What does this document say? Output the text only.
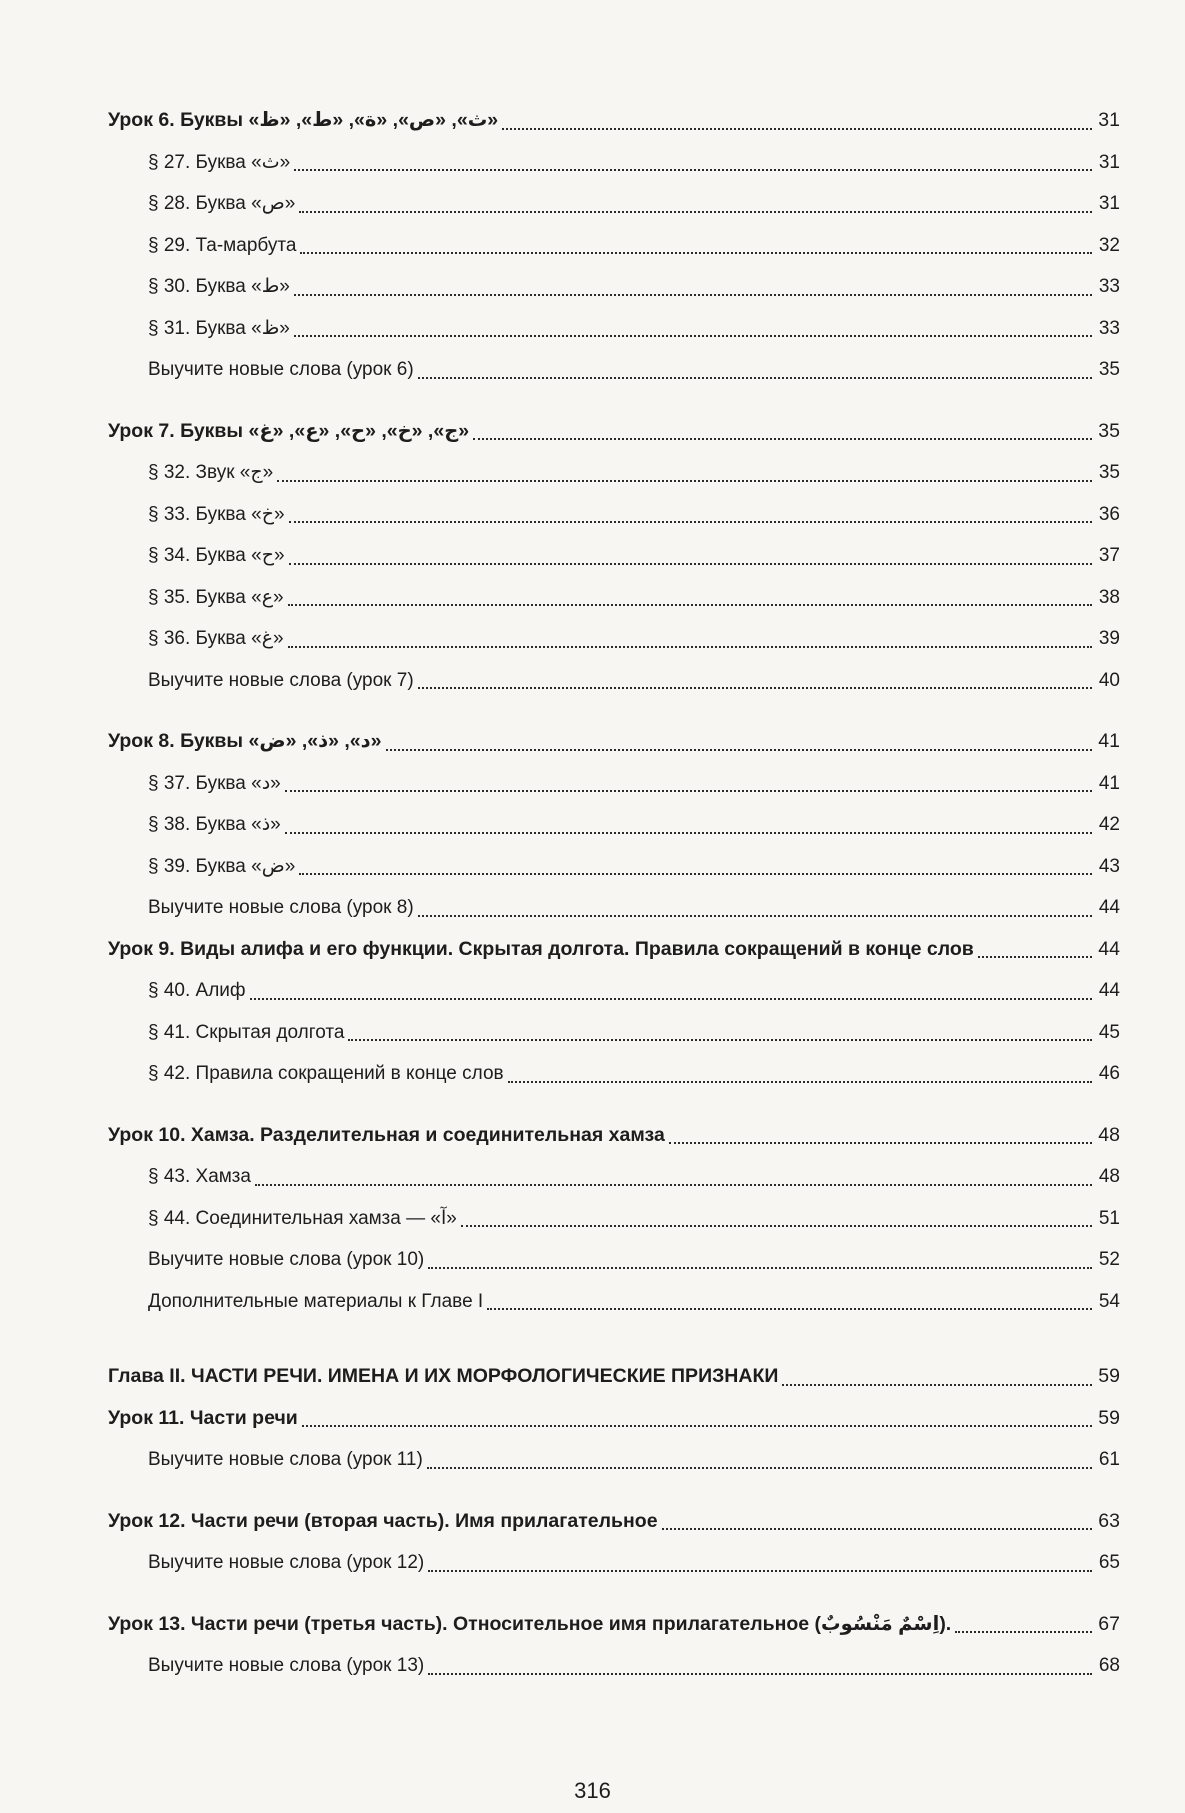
Урок 6. Буквы «ث», «ص», «ة», «ط», «ظ»	31
§ 27. Буква «ث»	31
§ 28. Буква «ص»	31
§ 29. Та-марбута	32
§ 30. Буква «ط»	33
§ 31. Буква «ظ»	33
Выучите новые слова (урок 6)	35
Урок 7. Буквы «ج», «خ», «ح», «ع», «غ»	35
§ 32. Звук «ج»	35
§ 33. Буква «خ»	36
§ 34. Буква «ح»	37
§ 35. Буква «ع»	38
§ 36. Буква «غ»	39
Выучите новые слова (урок 7)	40
Урок 8. Буквы «د», «ذ», «ض»	41
§ 37. Буква «د»	41
§ 38. Буква «ذ»	42
§ 39. Буква «ض»	43
Выучите новые слова (урок 8)	44
Урок 9. Виды алифа и его функции. Скрытая долгота. Правила сокращений в конце слов	44
§ 40. Алиф	44
§ 41. Скрытая долгота	45
§ 42. Правила сокращений в конце слов	46
Урок 10. Хамза. Разделительная и соединительная хамза	48
§ 43. Хамза	48
§ 44. Соединительная хамза — «آ»	51
Выучите новые слова (урок 10)	52
Дополнительные материалы к Главе I	54
Глава II. ЧАСТИ РЕЧИ. ИМЕНА И ИХ МОРФОЛОГИЧЕСКИЕ ПРИЗНАКИ	59
Урок 11. Части речи	59
Выучите новые слова (урок 11)	61
Урок 12. Части речи (вторая часть). Имя прилагательное	63
Выучите новые слова (урок 12)	65
Урок 13. Части речи (третья часть). Относительное имя прилагательное (اِسْمٌ مَنْسُوبٌ).	67
Выучите новые слова (урок 13)	68
316
